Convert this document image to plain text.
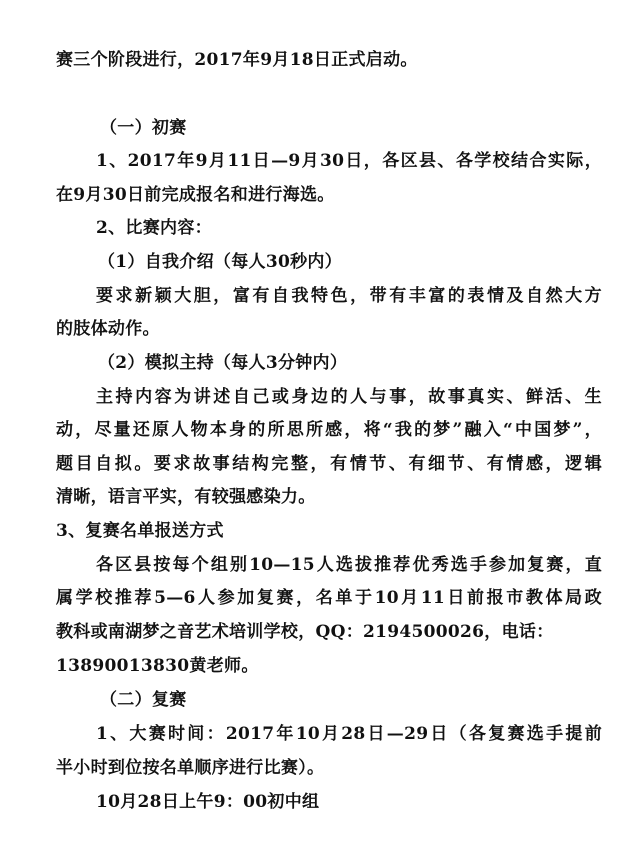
赛三个阶段进行，2017年9月18日正式启动。
（一）初赛
1、2017年9月11日—9月30日，各区县、各学校结合实际，
在9月30日前完成报名和进行海选。
2、比赛内容：
（1）自我介绍（每人30秒内）
要求新颖大胆，富有自我特色，带有丰富的表情及自然大方
的肢体动作。
（2）模拟主持（每人3分钟内）
主持内容为讲述自己或身边的人与事，故事真实、鲜活、生
动，尽量还原人物本身的所思所感，将“我的梦”融入“中国梦”，
题目自拟。要求故事结构完整，有情节、有细节、有情感，逻辑
清晰，语言平实，有较强感染力。
3、复赛名单报送方式
各区县按每个组别10—15人选拔推荐优秀选手参加复赛，直
属学校推荐5—6人参加复赛，名单于10月11日前报市教体局政
教科或南湖梦之音艺术培训学校，QQ：2194500026，电话：
13890013830黄老师。
（二）复赛
1、大赛时间：2017年10月28日—29日（各复赛选手提前
半小时到位按名单顺序进行比赛）。
10月28日上午9：00初中组
